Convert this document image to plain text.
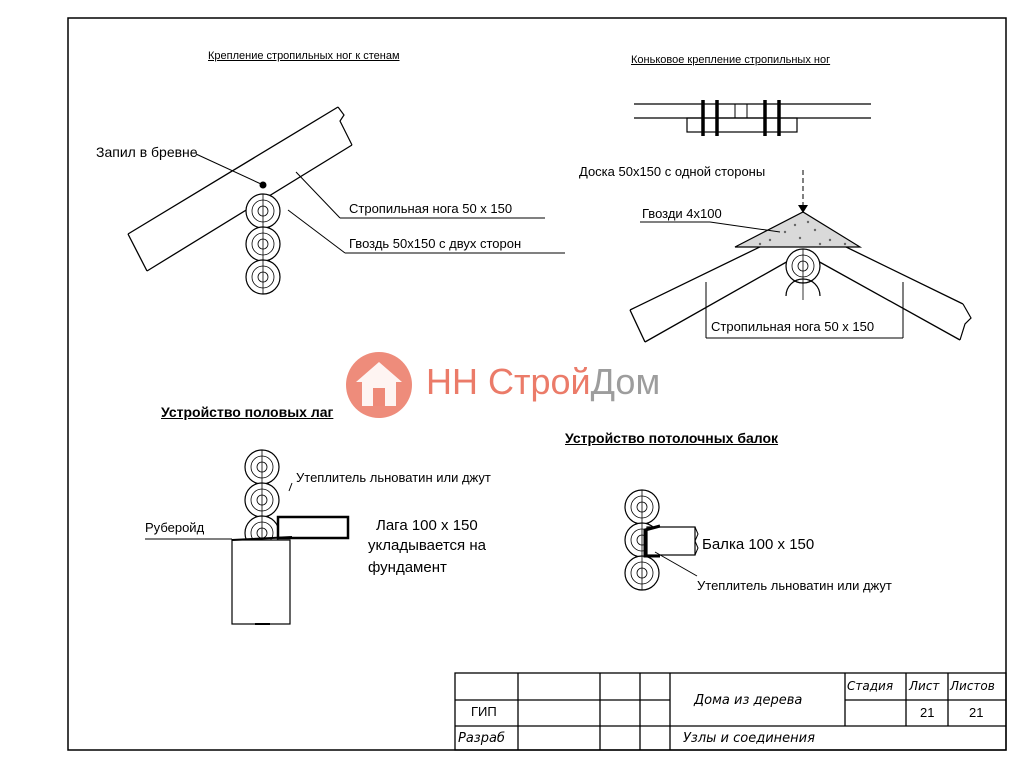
Крепление стропильных ног к стенам
Запил в бревне
Стропильная нога 50 х 150
Гвоздь 50х150 с двух сторон
Коньковое крепление стропильных ног
Доска 50х150 с одной стороны
Гвозди 4х100
Стропильная нога 50 х 150
Устройство половых лаг
Утеплитель льноватин или джут
Руберойд	Лага 100 х 150
укладывается на
фундамент
Устройство потолочных балок
Балка 100 х 150
Утеплитель льноватин или джут
НН СтройДом
ГИП
Разраб
Дома из дерева
Узлы и соединения
Стадия Лист Листов
21	21
